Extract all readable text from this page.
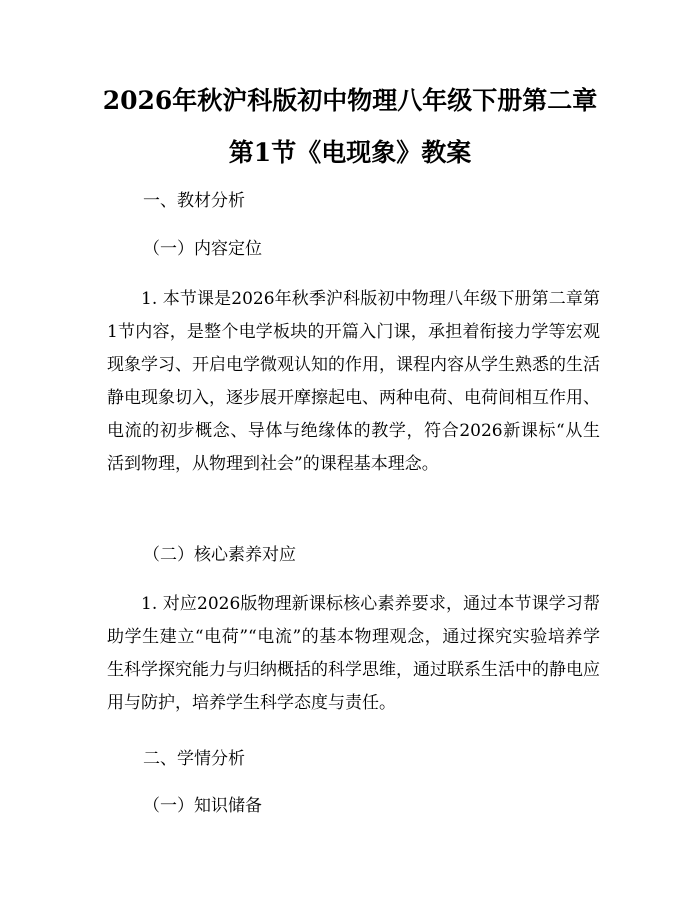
2026年秋沪科版初中物理八年级下册第二章
第1节《电现象》教案
一、教材分析
（一）内容定位

1. 本节课是2026年秋季沪科版初中物理八年级下册第二章第1节内容，是整个电学板块的开篇入门课，承担着衔接力学等宏观现象学习、开启电学微观认知的作用，课程内容从学生熟悉的生活静电现象切入，逐步展开摩擦起电、两种电荷、电荷间相互作用、电流的初步概念、导体与绝缘体的教学，符合2026新课标“从生活到物理，从物理到社会”的课程基本理念。

（二）核心素养对应

1. 对应2026版物理新课标核心素养要求，通过本节课学习帮助学生建立“电荷”“电流”的基本物理观念，通过探究实验培养学生科学探究能力与归纳概括的科学思维，通过联系生活中的静电应用与防护，培养学生科学态度与责任。

二、学情分析
（一）知识储备
